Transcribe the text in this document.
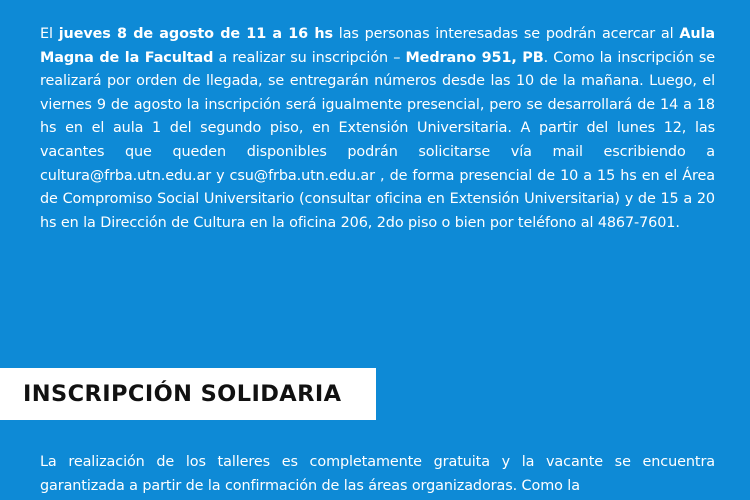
El jueves 8 de agosto de 11 a 16 hs las personas interesadas se podrán acercar al Aula Magna de la Facultad a realizar su inscripción – Medrano 951, PB. Como la inscripción se realizará por orden de llegada, se entregarán números desde las 10 de la mañana. Luego, el viernes 9 de agosto la inscripción será igualmente presencial, pero se desarrollará de 14 a 18 hs en el aula 1 del segundo piso, en Extensión Universitaria. A partir del lunes 12, las vacantes que queden disponibles podrán solicitarse vía mail escribiendo a cultura@frba.utn.edu.ar y csu@frba.utn.edu.ar , de forma presencial de 10 a 15 hs en el Área de Compromiso Social Universitario (consultar oficina en Extensión Universitaria) y de 15 a 20 hs en la Dirección de Cultura en la oficina 206, 2do piso o bien por teléfono al 4867-7601.

INSCRIPCIÓN SOLIDARIA

La realización de los talleres es completamente gratuita y la vacante se encuentra garantizada a partir de la confirmación de las áreas organizadoras. Como la
